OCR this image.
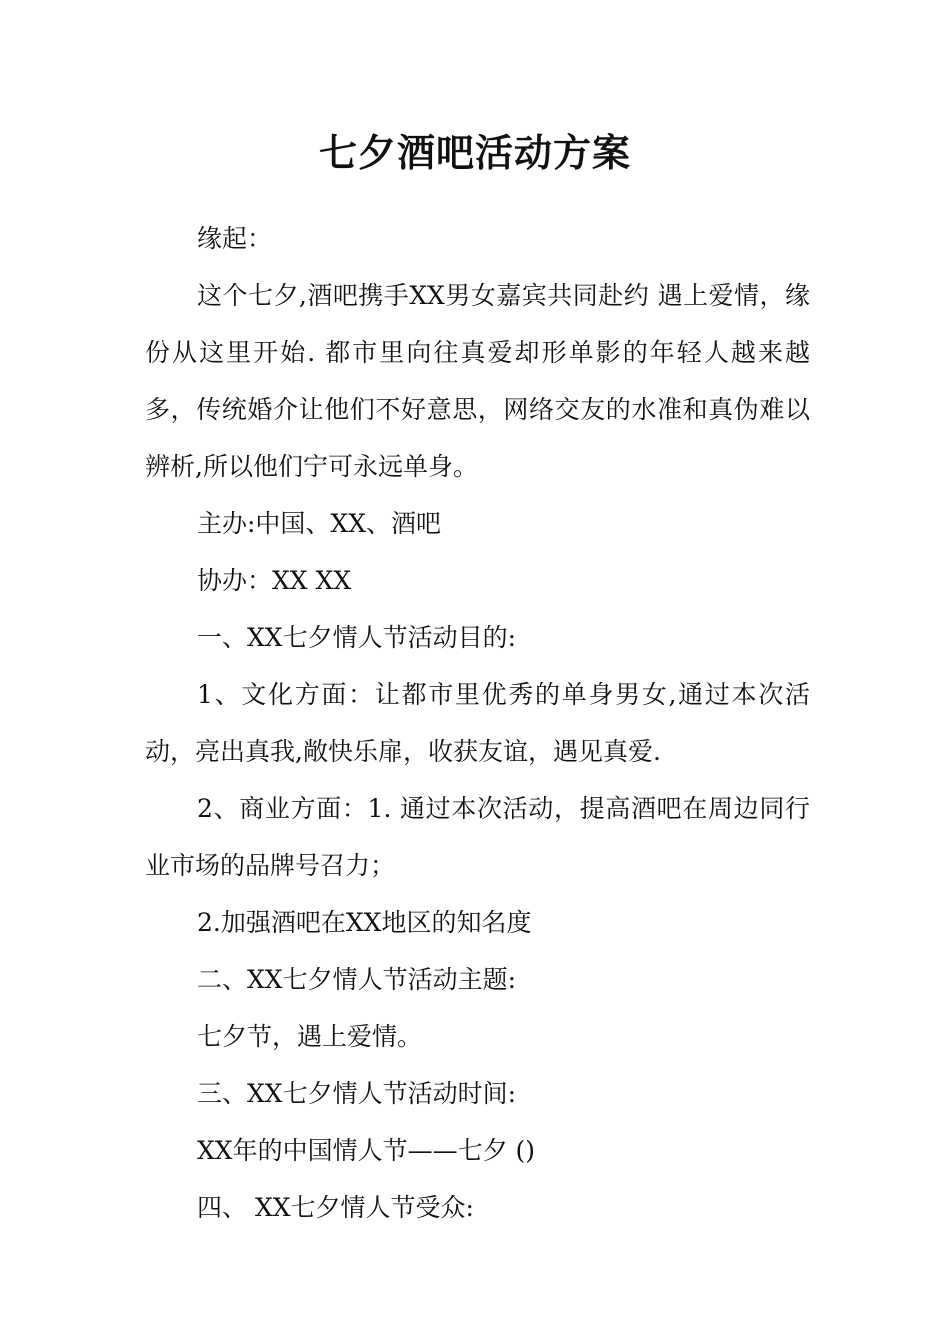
七夕酒吧活动方案

缘起：

这个七夕,酒吧携手XX男女嘉宾共同赴约 遇上爱情，缘份从这里开始. 都市里向往真爱却形单影的年轻人越来越多，传统婚介让他们不好意思，网络交友的水准和真伪难以辨析,所以他们宁可永远单身。

主办:中国、XX、酒吧

协办：XX XX

一、XX七夕情人节活动目的:

1、文化方面：让都市里优秀的单身男女,通过本次活动，亮出真我,敞快乐扉，收获友谊，遇见真爱.

2、商业方面：1. 通过本次活动，提高酒吧在周边同行业市场的品牌号召力；

2.加强酒吧在XX地区的知名度

二、XX七夕情人节活动主题:

七夕节，遇上爱情。

三、XX七夕情人节活动时间:

XX年的中国情人节——七夕 ()

四、 XX七夕情人节受众:
